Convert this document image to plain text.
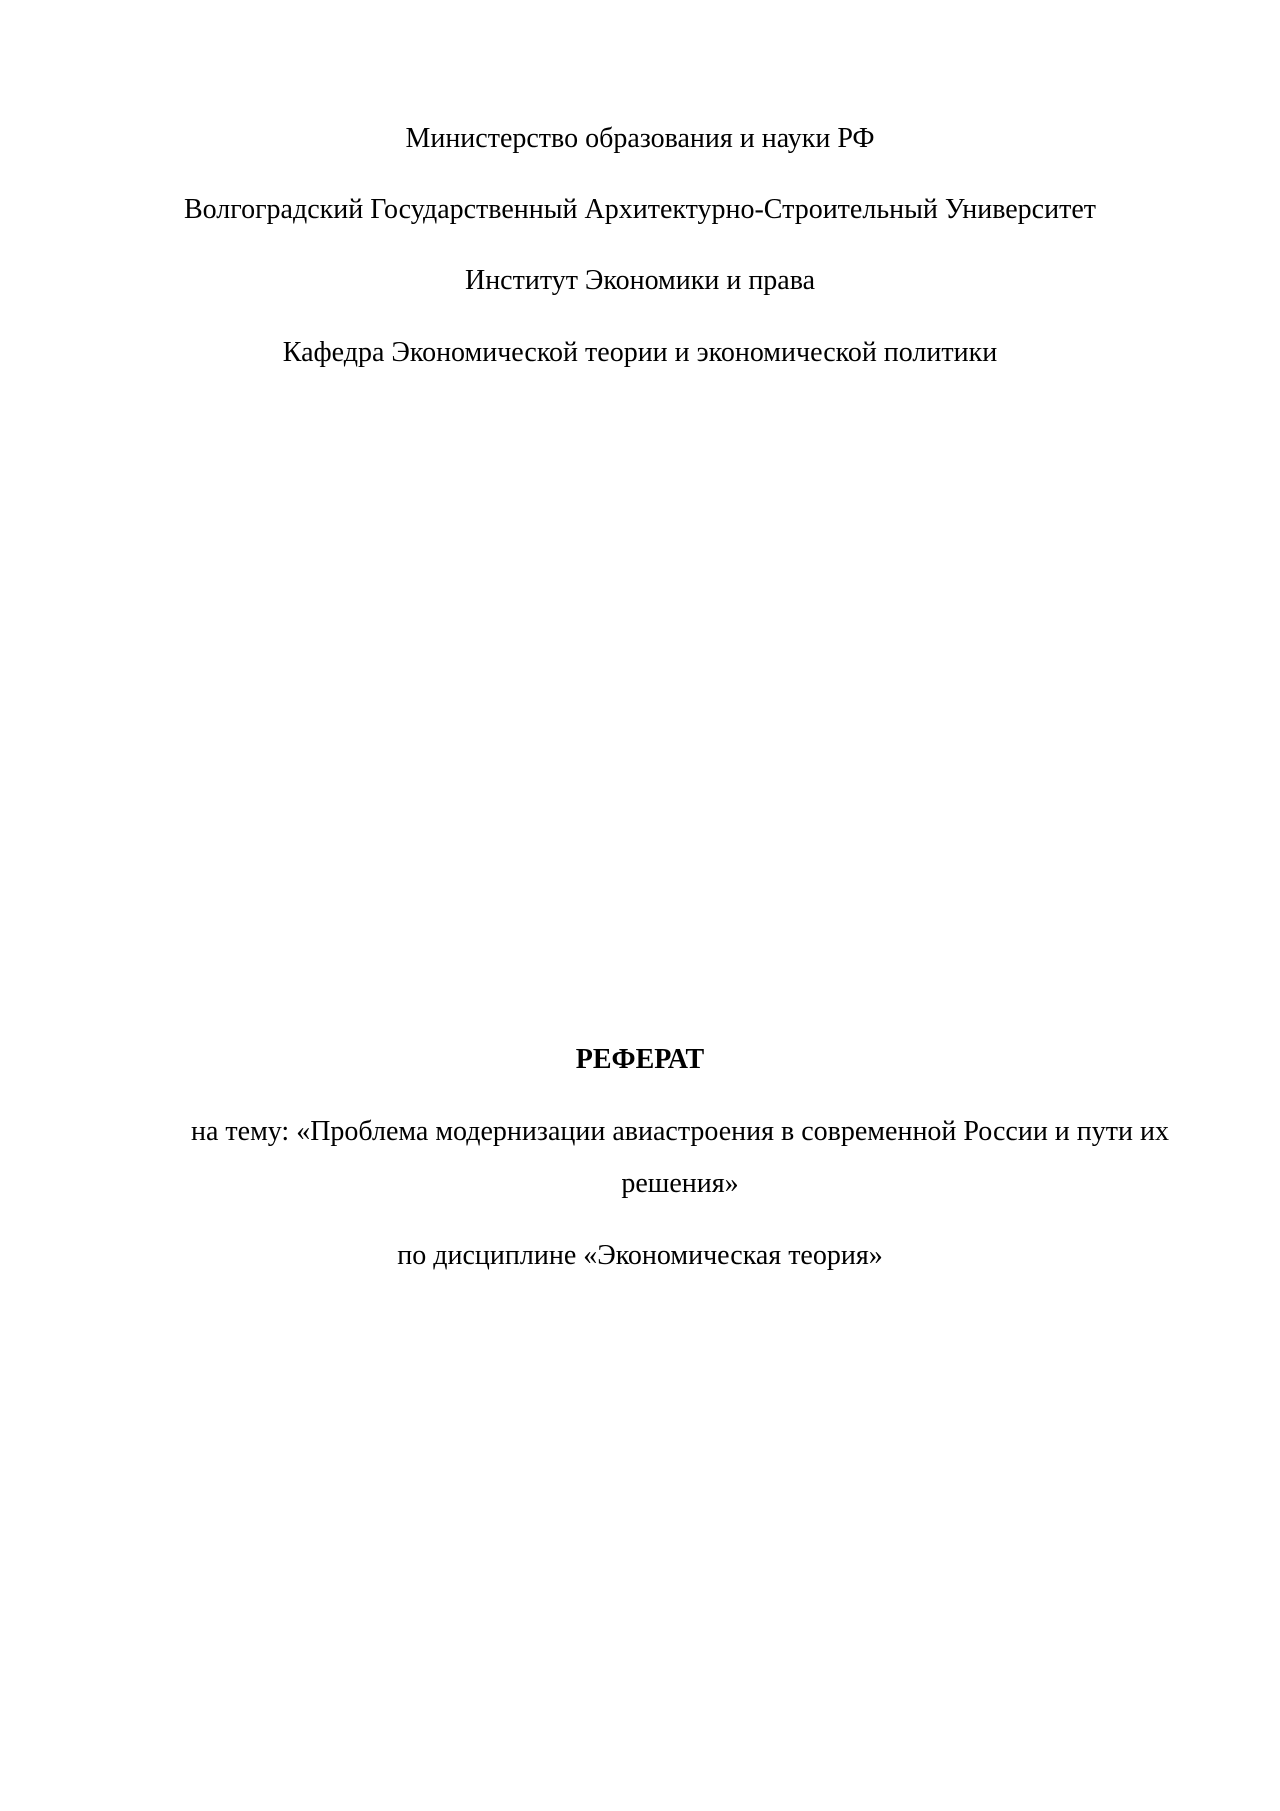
Министерство образования и науки РФ
Волгоградский Государственный Архитектурно-Строительный Университет
Институт Экономики и права
Кафедра Экономической теории и экономической политики
РЕФЕРАТ
на тему: «Проблема модернизации авиастроения в современной России и пути их решения»
по дисциплине «Экономическая теория»
